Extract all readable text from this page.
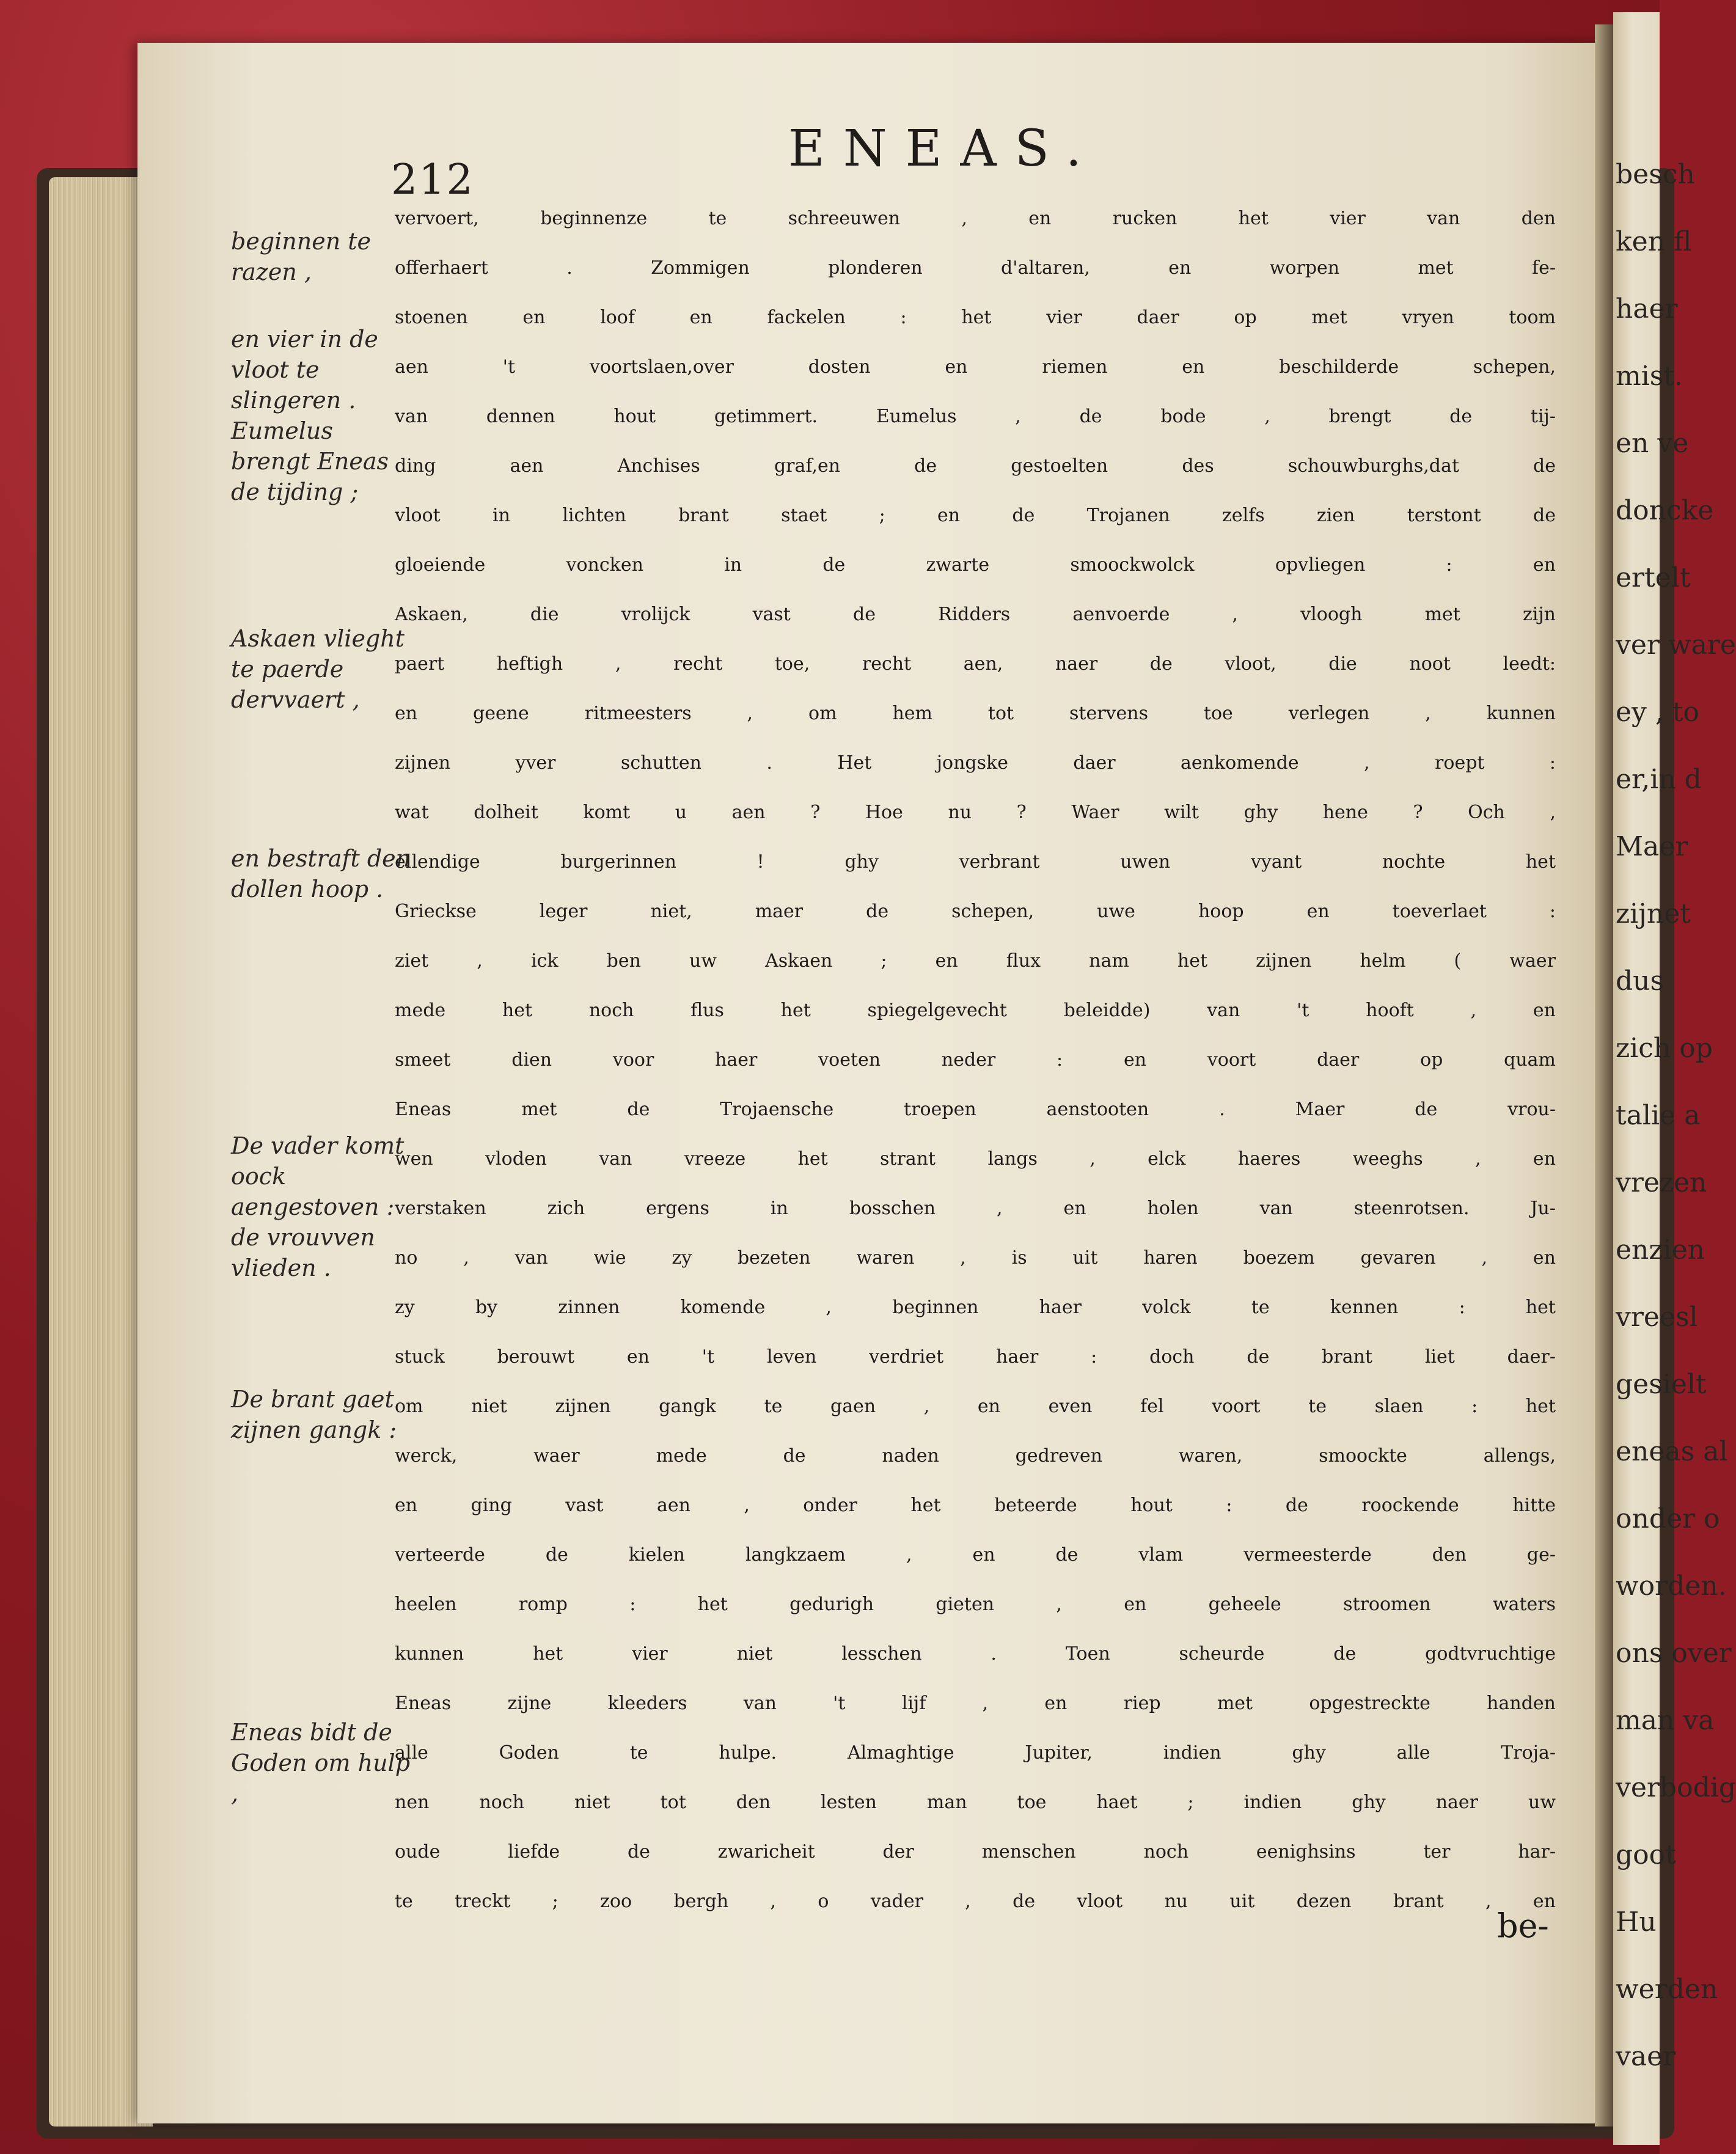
besch
ken fl
haer
mist.
en ve
doncke
ertelt
ver ware
ey , to
er,in d
Maer
zijnet
dus
zich op
talie a
vrezen
enzien
vreesl
gesielt
eneas al
onder o
worden.
ons over
man va
verbodig
goot
Hu
werden
vaer
212
ENEAS.
beginnen te razen ,
en vier in de vloot te slingeren .
Eumelus brengt Eneas de tijding ;
Askaen vlieght te paerde dervvaert ,
en bestraft den dollen hoop .
De vader komt oock aengestoven : de vrouvven vlieden .
De brant gaet zijnen gangk :
Eneas bidt de Goden om hulp ,
vervoert, beginnenze te schreeuwen , en rucken het vier van den
offerhaert . Zommigen plonderen d'altaren, en worpen met fe-
stoenen en loof en fackelen : het vier daer op met vryen toom
aen 't voortslaen,over dosten en riemen en beschilderde schepen,
van dennen hout getimmert. Eumelus , de bode , brengt de tij-
ding aen Anchises graf,en de gestoelten des schouwburghs,dat de
vloot in lichten brant staet ; en de Trojanen zelfs zien terstont de
gloeiende voncken in de zwarte smoockwolck opvliegen : en
Askaen, die vrolijck vast de Ridders aenvoerde , vloogh met zijn
paert heftigh , recht toe, recht aen, naer de vloot, die noot leedt:
en geene ritmeesters , om hem tot stervens toe verlegen , kunnen
zijnen yver schutten . Het jongske daer aenkomende , roept :
wat dolheit komt u aen ? Hoe nu ? Waer wilt ghy hene ? Och ,
ellendige burgerinnen ! ghy verbrant uwen vyant nochte het
Grieckse leger niet, maer de schepen, uwe hoop en toeverlaet :
ziet , ick ben uw Askaen ; en flux nam het zijnen helm ( waer
mede het noch flus het spiegelgevecht beleidde) van 't hooft , en
smeet dien voor haer voeten neder : en voort daer op quam
Eneas met de Trojaensche troepen aenstooten . Maer de vrou-
wen vloden van vreeze het strant langs , elck haeres weeghs , en
verstaken zich ergens in bosschen , en holen van steenrotsen. Ju-
no , van wie zy bezeten waren , is uit haren boezem gevaren , en
zy by zinnen komende , beginnen haer volck te kennen : het
stuck berouwt en 't leven verdriet haer : doch de brant liet daer-
om niet zijnen gangk te gaen , en even fel voort te slaen : het
werck, waer mede de naden gedreven waren, smoockte allengs,
en ging vast aen , onder het beteerde hout : de roockende hitte
verteerde de kielen langkzaem , en de vlam vermeesterde den ge-
heelen romp : het gedurigh gieten , en geheele stroomen waters
kunnen het vier niet lesschen . Toen scheurde de godtvruchtige
Eneas zijne kleeders van 't lijf , en riep met opgestreckte handen
alle Goden te hulpe. Almaghtige Jupiter, indien ghy alle Troja-
nen noch niet tot den lesten man toe haet ; indien ghy naer uw
oude liefde de zwaricheit der menschen noch eenighsins ter har-
te treckt ; zoo bergh , o vader , de vloot nu uit dezen brant , en
be-
